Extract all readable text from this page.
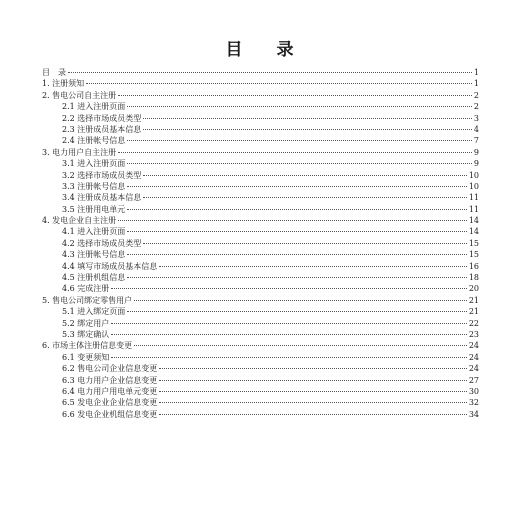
目 录
目　录	1
1. 注册须知	1
2. 售电公司自主注册	2
2.1 进入注册页面	2
2.2 选择市场成员类型	3
2.3 注册成员基本信息	4
2.4 注册帐号信息	7
3. 电力用户自主注册	9
3.1 进入注册页面	9
3.2 选择市场成员类型	10
3.3 注册帐号信息	10
3.4 注册成员基本信息	11
3.5 注册用电单元	11
4. 发电企业自主注册	14
4.1 进入注册页面	14
4.2 选择市场成员类型	15
4.3 注册帐号信息	15
4.4 填写市场成员基本信息	16
4.5 注册机组信息	18
4.6 完成注册	20
5. 售电公司绑定零售用户	21
5.1 进入绑定页面	21
5.2 绑定用户	22
5.3 绑定确认	23
6. 市场主体注册信息变更	24
6.1 变更须知	24
6.2 售电公司企业信息变更	24
6.3 电力用户企业信息变更	27
6.4 电力用户用电单元变更	30
6.5 发电企业企业信息变更	32
6.6 发电企业机组信息变更	34
